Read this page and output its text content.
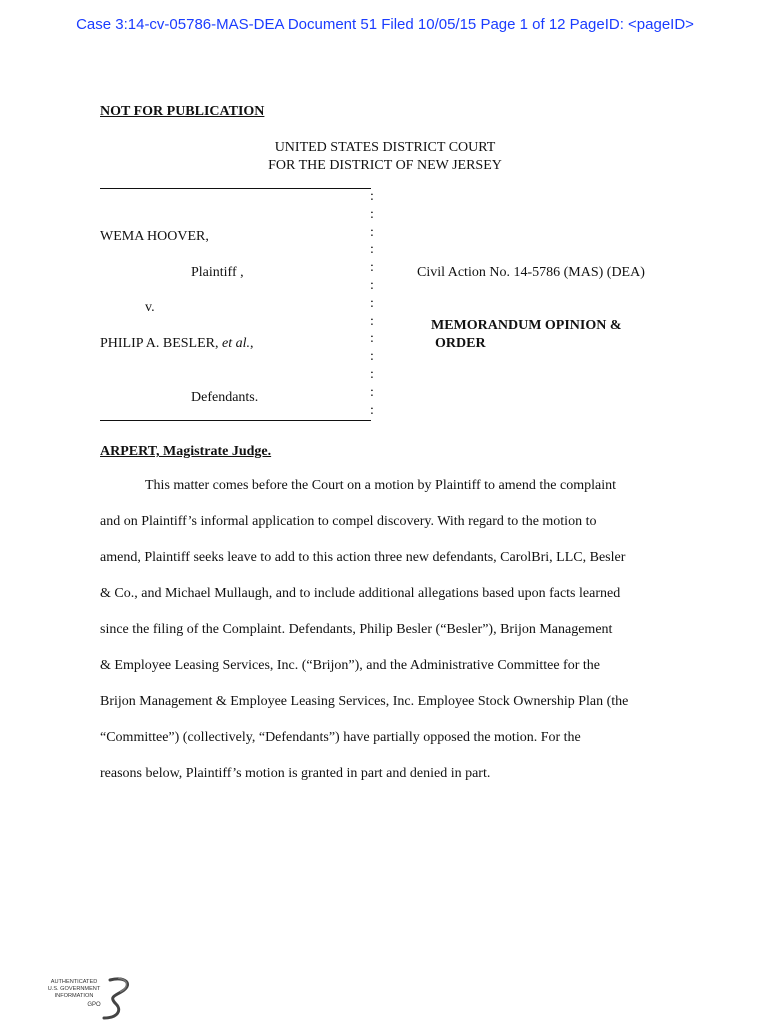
Case 3:14-cv-05786-MAS-DEA Document 51 Filed 10/05/15 Page 1 of 12 PageID: <pageID>
NOT FOR PUBLICATION
UNITED STATES DISTRICT COURT
FOR THE DISTRICT OF NEW JERSEY
:
:
:
:
:
:
:
:
:
:
:
:
:
WEMA HOOVER,
Plaintiff ,
v.
PHILIP A. BESLER, et al.,
Defendants.
Civil Action No. 14-5786 (MAS) (DEA)
MEMORANDUM OPINION &
ORDER
ARPERT, Magistrate Judge.
This matter comes before the Court on a motion by Plaintiff to amend the complaint
and on Plaintiff’s informal application to compel discovery. With regard to the motion to
amend, Plaintiff seeks leave to add to this action three new defendants, CarolBri, LLC, Besler
& Co., and Michael Mullaugh, and to include additional allegations based upon facts learned
since the filing of the Complaint. Defendants, Philip Besler (“Besler”), Brijon Management
& Employee Leasing Services, Inc. (“Brijon”), and the Administrative Committee for the
Brijon Management & Employee Leasing Services, Inc. Employee Stock Ownership Plan (the
“Committee”) (collectively, “Defendants”) have partially opposed the motion. For the
reasons below, Plaintiff’s motion is granted in part and denied in part.
AUTHENTICATED
U.S. GOVERNMENT
INFORMATION
GPO
